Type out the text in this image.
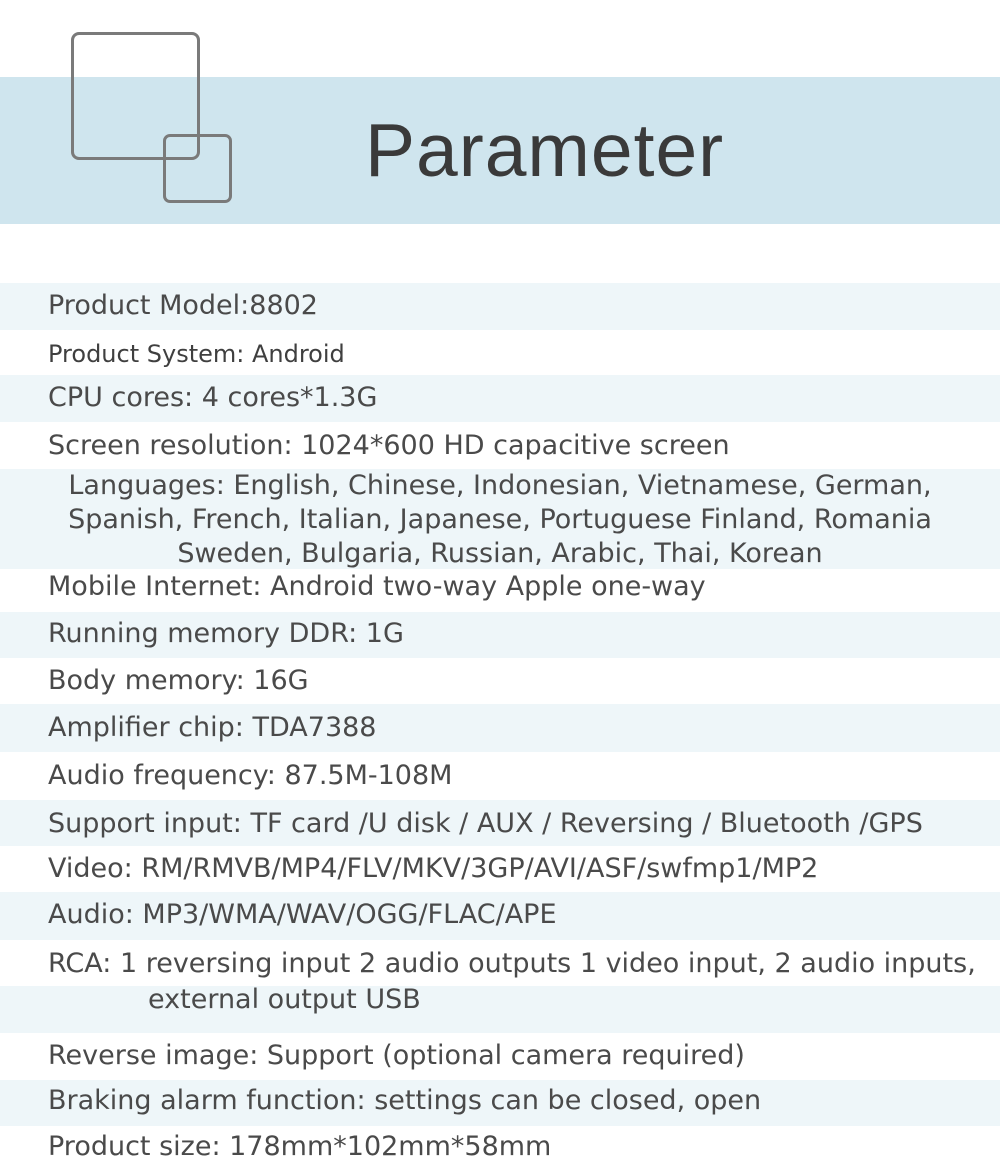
Parameter
Product Model:8802
Product System: Android
CPU cores: 4 cores*1.3G
Screen resolution: 1024*600 HD capacitive screen
Languages: English, Chinese, Indonesian, Vietnamese, German,
Spanish, French, Italian, Japanese, Portuguese Finland, Romania
Sweden, Bulgaria, Russian, Arabic, Thai, Korean
Mobile Internet: Android two-way Apple one-way
Running memory DDR: 1G
Body memory: 16G
Amplifier chip: TDA7388
Audio frequency: 87.5M-108M
Support input: TF card /U disk / AUX / Reversing / Bluetooth /GPS
Video: RM/RMVB/MP4/FLV/MKV/3GP/AVI/ASF/swfmp1/MP2
Audio: MP3/WMA/WAV/OGG/FLAC/APE
RCA: 1 reversing input 2 audio outputs 1 video input, 2 audio inputs,
external output USB
Reverse image: Support (optional camera required)
Braking alarm function: settings can be closed, open
Product size: 178mm*102mm*58mm
